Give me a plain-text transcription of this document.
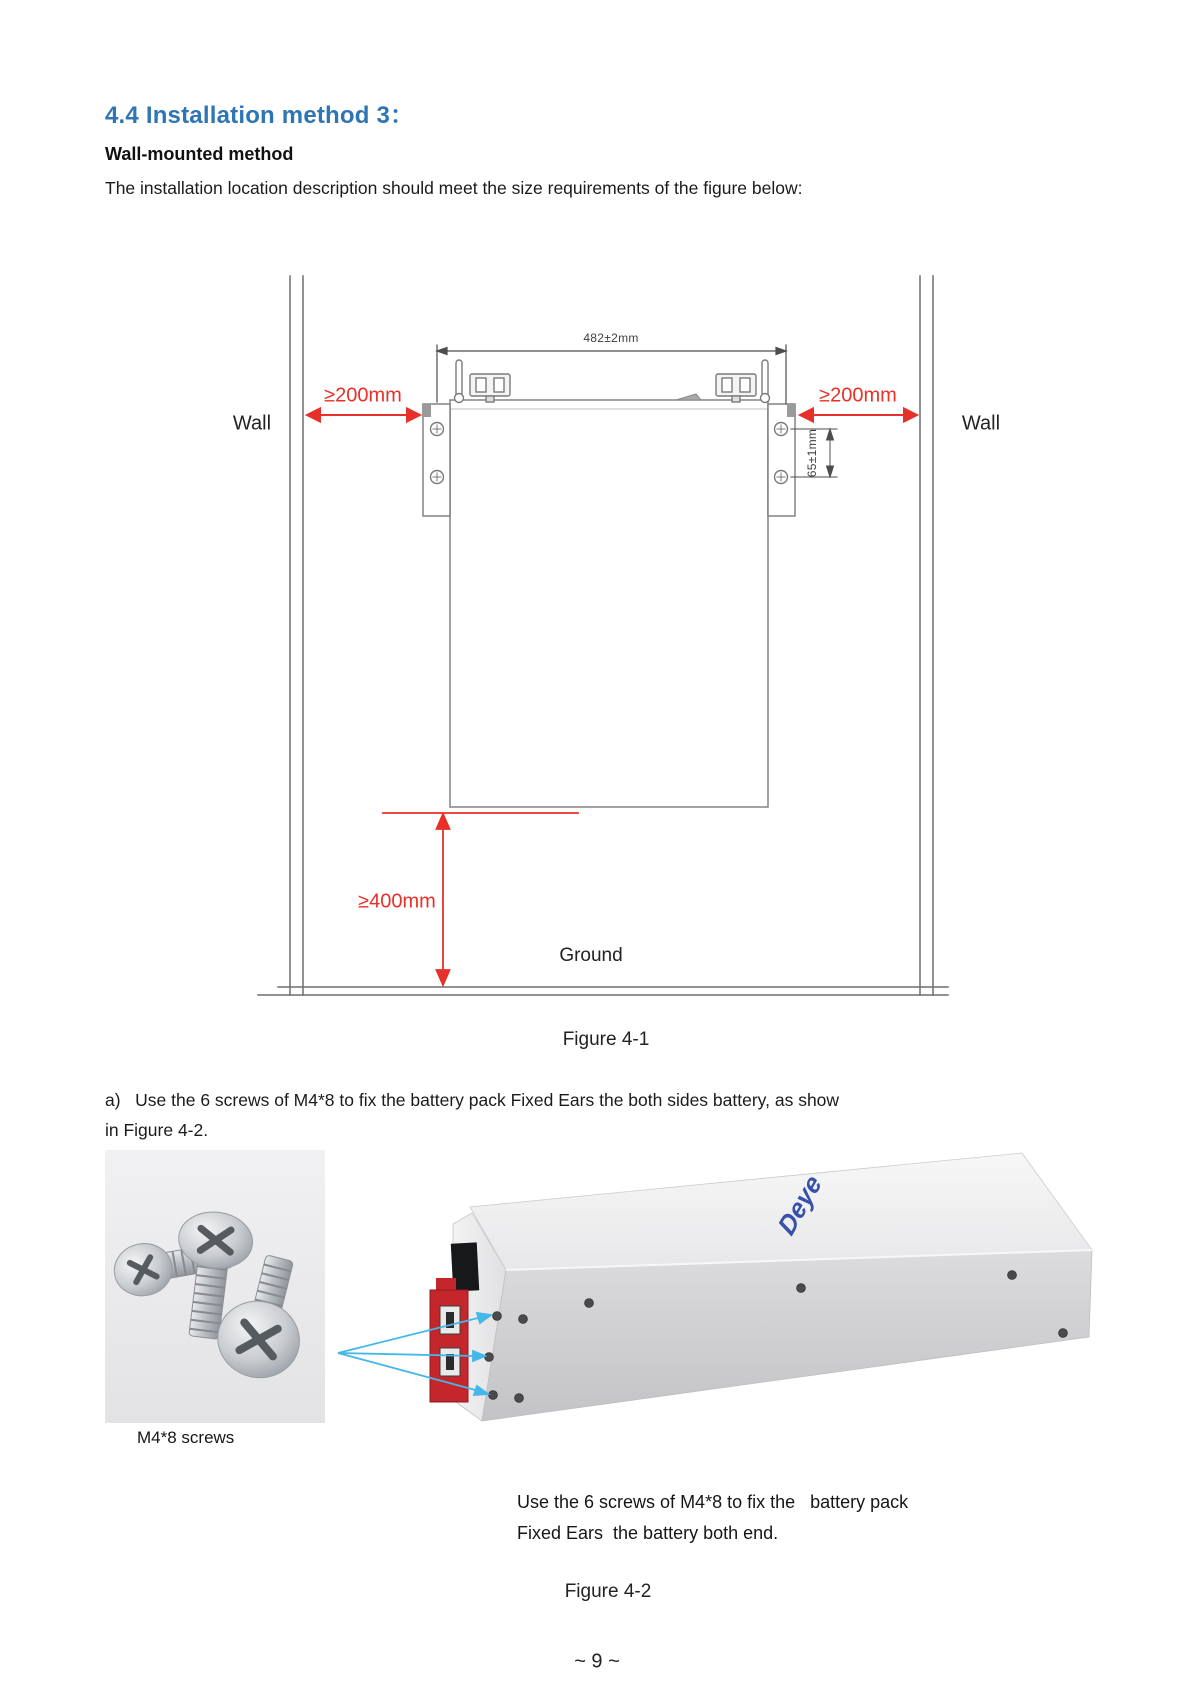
4.4 Installation method 3：
Wall-mounted method
The installation location description should meet the size requirements of the figure below:
482±2mm
Wall	Wall
≥200mm	≥200mm
65±1mm
≥400mm
Ground
Figure 4-1
a)   Use the 6 screws of M4*8 to fix the battery pack Fixed Ears the both sides battery, as show
in Figure 4-2.
Deye
M4*8 screws
Use the 6 screws of M4*8 to fix the   battery pack
Fixed Ears  the battery both end.
Figure 4-2
~ 9 ~
